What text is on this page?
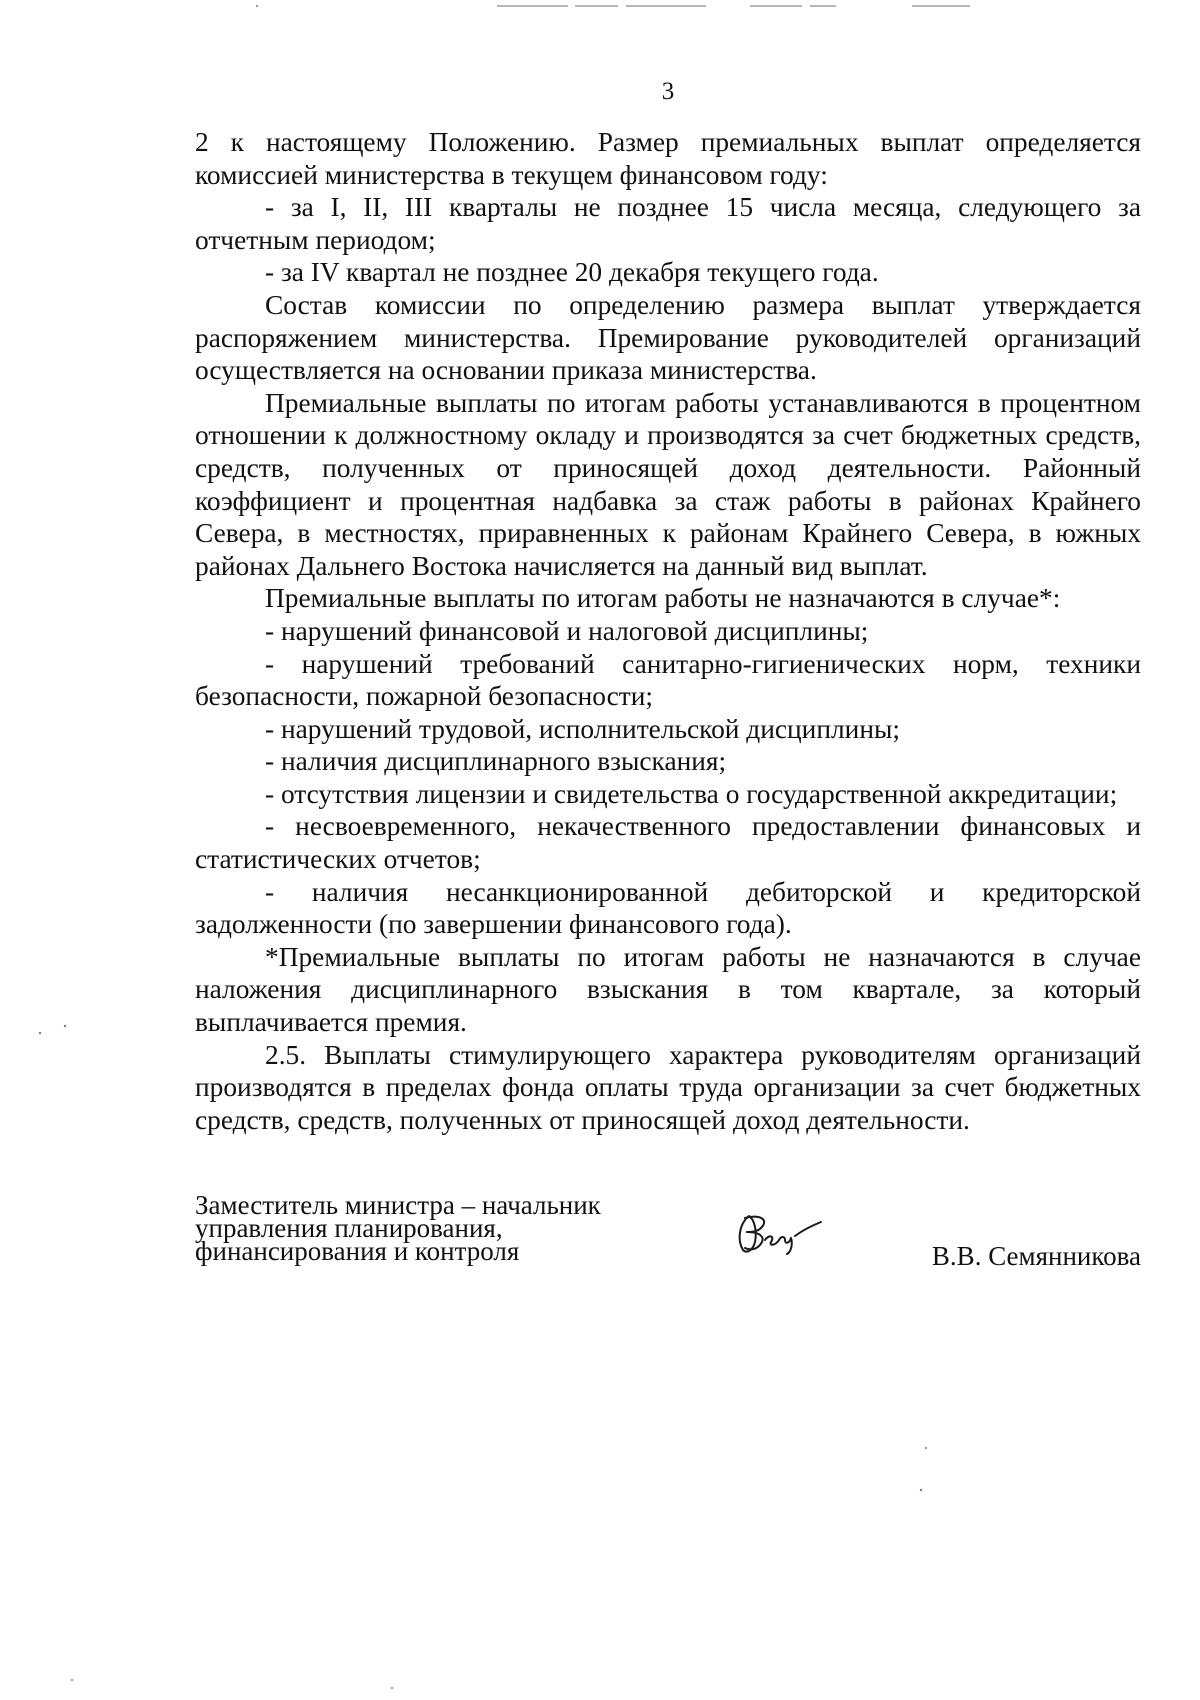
3

2 к настоящему Положению. Размер премиальных выплат определяется комиссией министерства в текущем финансовом году:

- за I, II, III кварталы не позднее 15 числа месяца, следующего за отчетным периодом;

- за IV квартал не позднее 20 декабря текущего года.

Состав комиссии по определению размера выплат утверждается распоряжением министерства. Премирование руководителей организаций осуществляется на основании приказа министерства.

Премиальные выплаты по итогам работы устанавливаются в процентном отношении к должностному окладу и производятся за счет бюджетных средств, средств, полученных от приносящей доход деятельности. Районный коэффициент и процентная надбавка за стаж работы в районах Крайнего Севера, в местностях, приравненных к районам Крайнего Севера, в южных районах Дальнего Востока начисляется на данный вид выплат.

Премиальные выплаты по итогам работы не назначаются в случае*:

- нарушений финансовой и налоговой дисциплины;

- нарушений требований санитарно-гигиенических норм, техники безопасности, пожарной безопасности;

- нарушений трудовой, исполнительской дисциплины;

- наличия дисциплинарного взыскания;

- отсутствия лицензии и свидетельства о государственной аккредитации;

- несвоевременного, некачественного предоставлении финансовых и статистических отчетов;

- наличия несанкционированной дебиторской и кредиторской задолженности (по завершении финансового года).

*Премиальные выплаты по итогам работы не назначаются в случае наложения дисциплинарного взыскания в том квартале, за который выплачивается премия.

2.5. Выплаты стимулирующего характера руководителям организаций производятся в пределах фонда оплаты труда организации за счет бюджетных средств, средств, полученных от приносящей доход деятельности.

Заместитель министра – начальник
управления планирования,
финансирования и контроля	В.В. Семянникова
